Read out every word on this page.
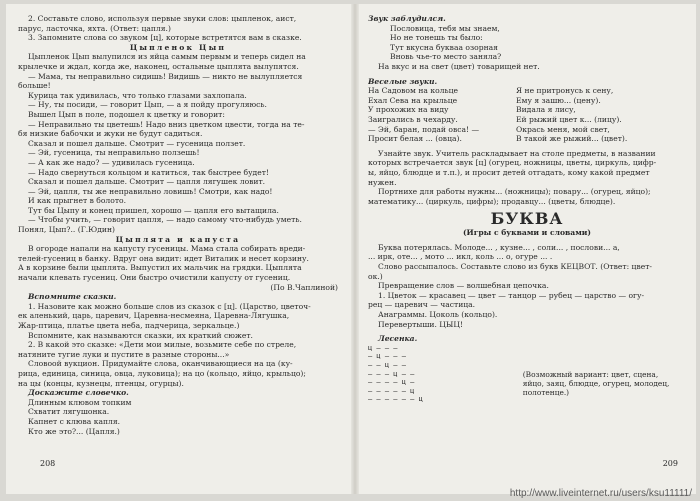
2. Составьте слово, используя первые звуки слов: цыпленок, аист,
парус, ласточка, яхта. (Ответ: цапля.)
3. Запомните слова со звуком [ц], которые встретятся вам в сказке.
Цыпленок Цып
Цыпленок Цып вылупился из яйца самым первым и теперь сидел на
крылечке и ждал, когда же, наконец, остальные цыплята вылупятся.
— Мама, ты неправильно сидишь! Видишь — никто не вылупляется
больше!
Курица так удивилась, что только глазами захлопала.
— Ну, ты посиди, — говорит Цып, — а я пойду прогуляюсь.
Вышел Цып в поле, подошел к цветку и говорит:
— Неправильно ты цветешь! Надо вниз цветком цвести, тогда на те-
бя низкие бабочки и жуки не будут садиться.
Сказал и пошел дальше. Смотрит — гусеница ползет.
— Эй, гусеница, ты неправильно ползешь!
— А как же надо? — удивилась гусеница.
— Надо свернуться кольцом и катиться, так быстрее будет!
Сказал и пошел дальше. Смотрит — цапля лягушек ловит.
— Эй, цапля, ты же неправильно ловишь! Смотри, как надо!
И как прыгнет в болото.
Тут бы Цыпу и конец пришел, хорошо — цапля его вытащила.
— Чтобы учить, — говорит цапля, — надо самому что-нибудь уметь.
Понял, Цып?.. (Г.Юдин)
Цыплята и капуста
В огороде напали на капусту гусеницы. Мама стала собирать вреди-
телей-гусениц в банку. Вдруг она видит: идет Виталик и несет корзину.
А в корзине были цыплята. Выпустил их мальчик на грядки. Цыплята
начали клевать гусениц. Они быстро очистили капусту от гусениц.
(По В.Чаплиной)
Вспомните сказки.
1. Назовите как можно больше слов из сказок с [ц]. (Царство, цветоч-
ек аленький, царь, царевич, Царевна-несмеяна, Царевна-Лягушка,
Жар-птица, платье цвета неба, падчерица, зеркальце.)
Вспомните, как называются сказки, их краткий сюжет.
2. В какой это сказке: «Дети мои милые, возьмите себе по стреле,
натяните тугие луки и пустите в разные стороны...»
Словоой вукцион. Придумайте слова, оканчивающиеся на ца (ку-
рица, единица, синица, овца, луковица); на цо (кольцо, яйцо, крыльцо);
на цы (концы, кузнецы, птенцы, огурцы).
Доскажите словечко.
Длинным клювом топким
Схватит лягушонка.
Капнет с клюва капля.
Кто же это?... (Цапля.)
208
Звук заблудился.
Пословица, тебя мы знаем,
Но не тонешь ты было:
Тут вкусна букваа озорная
Вновь чье-то место заняла?
На вкус и на свет (цвет) товарищей нет.
Веселые звуки.
На Садовом на кольце
Ехал Сева на крыльце
У прохожих на виду
Заигрались в чехарду.
— Эй, баран, подай овса! —
Просит белая ... (овца).
Я не притронусь к сену,
Ему я зашю... (цену).
Видала я лису,
Ей рыжий цвет к... (лицу).
Окрась меня, мой свет,
В такой же рыжий... (цвет).
Узнайте звук. Учитель раскладывает на столе предметы, в названии
которых встречается звук [ц] (огурец, ножницы, цветы, циркуль, цифр-
ы, яйцо, блюдце и т.п.), и просит детей отгадать, кому какой предмет
нужен.
Портнихе для работы нужны... (ножницы); повару... (огурец, яйцо);
математику... (циркуль, цифры); продавцу... (цветы, блюдце).
БУКВА
(Игры с буквами и словами)
Буква потерялась. Молоде... , кузне... , соли... , послови... а,
... ирк, оте... , мото ... икл, коль ... о, огуре ... .
Слово рассыпалось. Составьте слово из букв КЕЦВОТ. (Ответ: цвет-
ок.)
Превращение слов — волшебная цепочка.
1. Цветок — красавец — цвет — танцор — рубец — царство — огу-
рец — царевич — частица.
Анаграммы. Цоколь (кольцо).
Перевертыши. ЦЫЦ!
Лесенка.
ц — — —
— ц — — —
— — ц — —
— — — ц — —
— — — — ц —
— — — — — ц
— — — — — — ц
(Возможный вариант: цвет, сцена,
яйцо, заяц, блюдце, огурец, молодец,
полотенце.)
209
http://www.liveinternet.ru/users/ksu11111/
